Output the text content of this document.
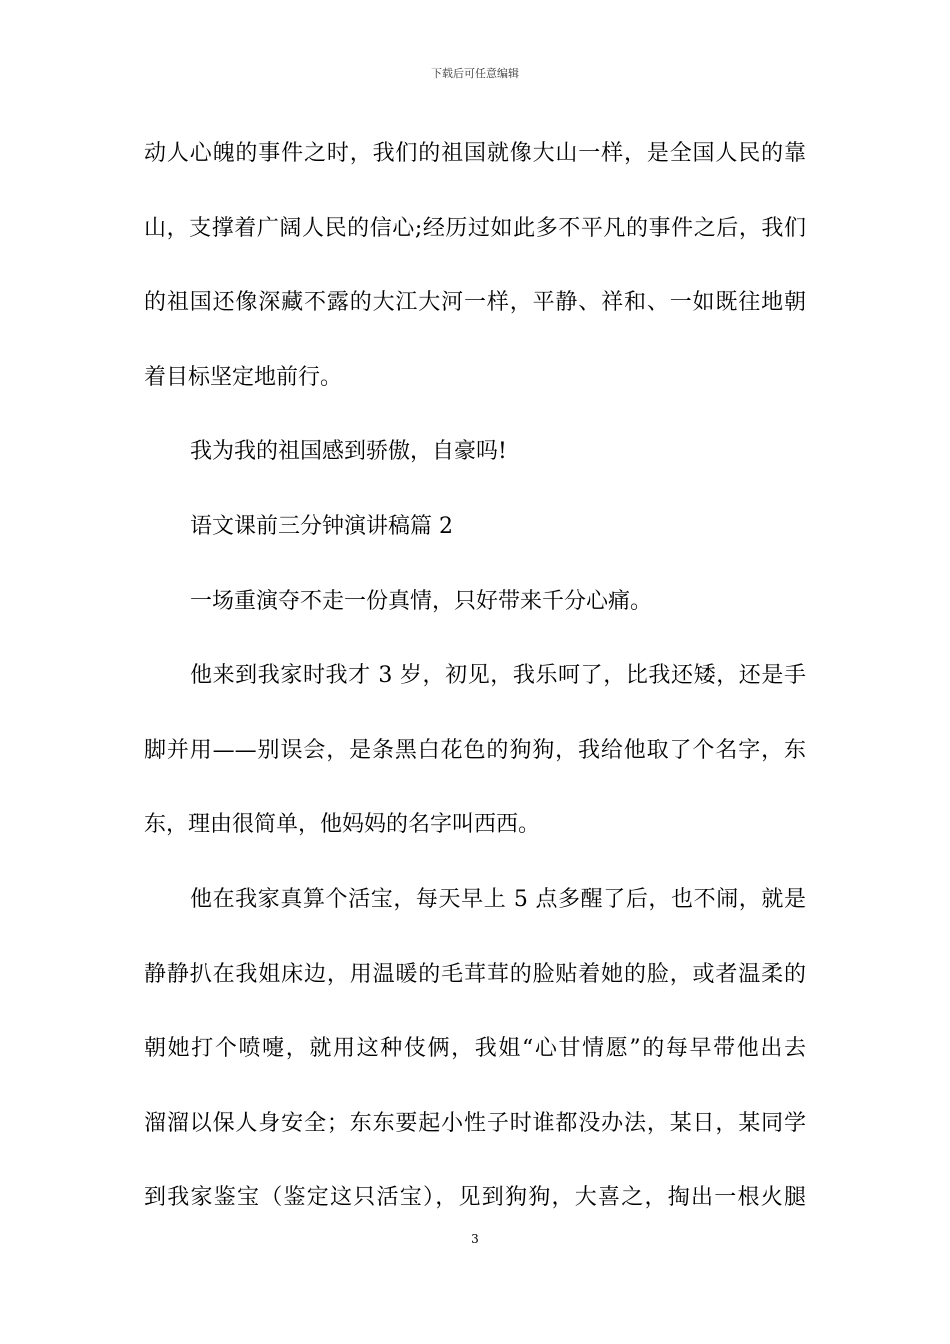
下载后可任意编辑
动人心魄的事件之时，我们的祖国就像大山一样，是全国人民的靠
山，支撑着广阔人民的信心;经历过如此多不平凡的事件之后，我们
的祖国还像深藏不露的大江大河一样，平静、祥和、一如既往地朝
着目标坚定地前行。
我为我的祖国感到骄傲，自豪吗!
语文课前三分钟演讲稿篇 2
一场重演夺不走一份真情，只好带来千分心痛。
他来到我家时我才 3 岁，初见，我乐呵了，比我还矮，还是手
脚并用——别误会，是条黑白花色的狗狗，我给他取了个名字，东
东，理由很简单，他妈妈的名字叫西西。
他在我家真算个活宝，每天早上 5 点多醒了后，也不闹，就是
静静扒在我姐床边，用温暖的毛茸茸的脸贴着她的脸，或者温柔的
朝她打个喷嚏，就用这种伎俩，我姐“心甘情愿”的每早带他出去
溜溜以保人身安全；东东要起小性子时谁都没办法，某日，某同学
到我家鉴宝（鉴定这只活宝），见到狗狗，大喜之，掏出一根火腿
3
